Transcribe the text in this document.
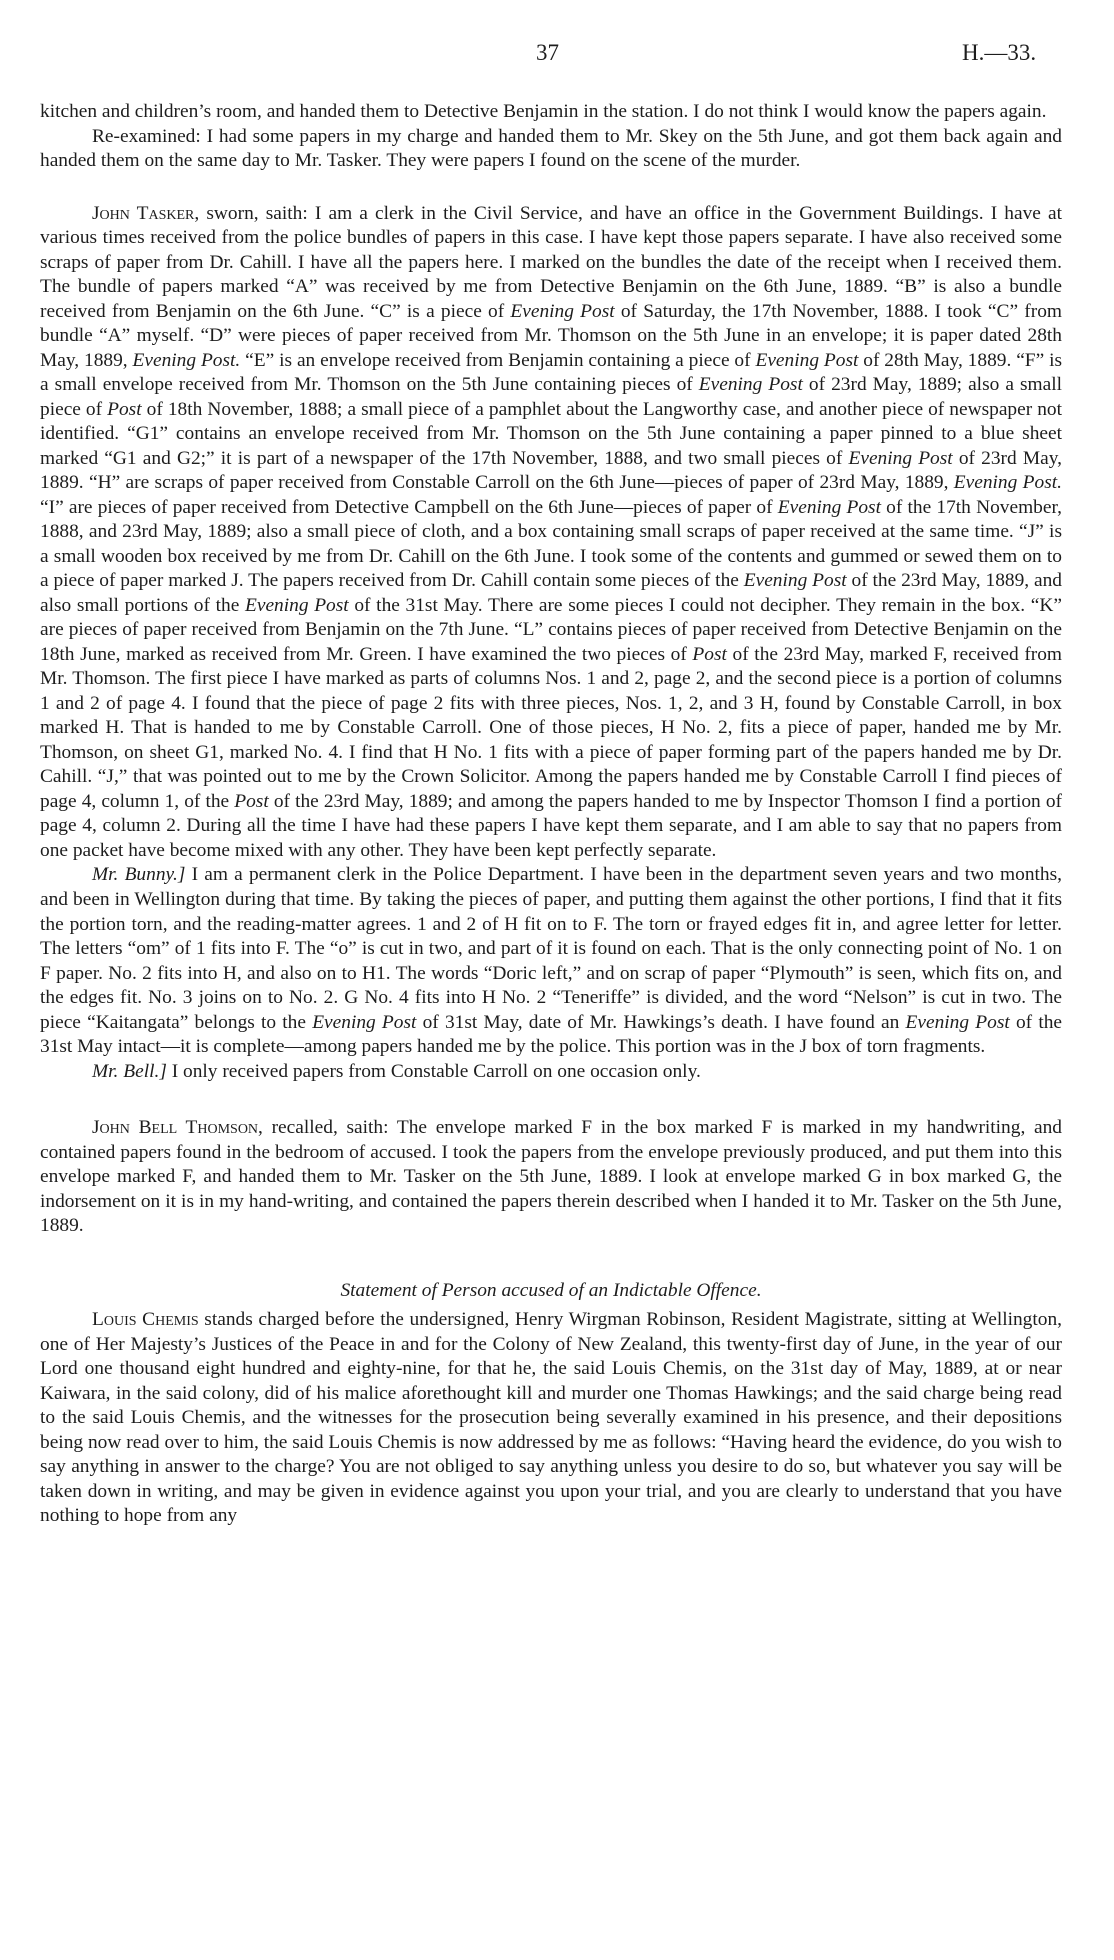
37	H.—33.

kitchen and children’s room, and handed them to Detective Benjamin in the station. I do not think I would know the papers again.

Re-examined: I had some papers in my charge and handed them to Mr. Skey on the 5th June, and got them back again and handed them on the same day to Mr. Tasker. They were papers I found on the scene of the murder.

John Tasker, sworn, saith: I am a clerk in the Civil Service, and have an office in the Government Buildings. I have at various times received from the police bundles of papers in this case. I have kept those papers separate. I have also received some scraps of paper from Dr. Cahill. I have all the papers here. I marked on the bundles the date of the receipt when I received them. The bundle of papers marked “A” was received by me from Detective Benjamin on the 6th June, 1889. “B” is also a bundle received from Benjamin on the 6th June. “C” is a piece of Evening Post of Saturday, the 17th November, 1888. I took “C” from bundle “A” myself. “D” were pieces of paper received from Mr. Thomson on the 5th June in an envelope; it is paper dated 28th May, 1889, Evening Post. “E” is an envelope received from Benjamin containing a piece of Evening Post of 28th May, 1889. “F” is a small envelope received from Mr. Thomson on the 5th June containing pieces of Evening Post of 23rd May, 1889; also a small piece of Post of 18th November, 1888; a small piece of a pamphlet about the Langworthy case, and another piece of newspaper not identified. “G1” contains an envelope received from Mr. Thomson on the 5th June containing a paper pinned to a blue sheet marked “G1 and G2;” it is part of a newspaper of the 17th November, 1888, and two small pieces of Evening Post of 23rd May, 1889. “H” are scraps of paper received from Constable Carroll on the 6th June—pieces of paper of 23rd May, 1889, Evening Post. “I” are pieces of paper received from Detective Campbell on the 6th June—pieces of paper of Evening Post of the 17th November, 1888, and 23rd May, 1889; also a small piece of cloth, and a box containing small scraps of paper received at the same time. “J” is a small wooden box received by me from Dr. Cahill on the 6th June. I took some of the contents and gummed or sewed them on to a piece of paper marked J. The papers received from Dr. Cahill contain some pieces of the Evening Post of the 23rd May, 1889, and also small portions of the Evening Post of the 31st May. There are some pieces I could not decipher. They remain in the box. “K” are pieces of paper received from Benjamin on the 7th June. “L” contains pieces of paper received from Detective Benjamin on the 18th June, marked as received from Mr. Green. I have examined the two pieces of Post of the 23rd May, marked F, received from Mr. Thomson. The first piece I have marked as parts of columns Nos. 1 and 2, page 2, and the second piece is a portion of columns 1 and 2 of page 4. I found that the piece of page 2 fits with three pieces, Nos. 1, 2, and 3 H, found by Constable Carroll, in box marked H. That is handed to me by Constable Carroll. One of those pieces, H No. 2, fits a piece of paper, handed me by Mr. Thomson, on sheet G1, marked No. 4. I find that H No. 1 fits with a piece of paper forming part of the papers handed me by Dr. Cahill. “J,” that was pointed out to me by the Crown Solicitor. Among the papers handed me by Constable Carroll I find pieces of page 4, column 1, of the Post of the 23rd May, 1889; and among the papers handed to me by Inspector Thomson I find a portion of page 4, column 2. During all the time I have had these papers I have kept them separate, and I am able to say that no papers from one packet have become mixed with any other. They have been kept perfectly separate.

Mr. Bunny.] I am a permanent clerk in the Police Department. I have been in the department seven years and two months, and been in Wellington during that time. By taking the pieces of paper, and putting them against the other portions, I find that it fits the portion torn, and the reading-matter agrees. 1 and 2 of H fit on to F. The torn or frayed edges fit in, and agree letter for letter. The letters “om” of 1 fits into F. The “o” is cut in two, and part of it is found on each. That is the only connecting point of No. 1 on F paper. No. 2 fits into H, and also on to H1. The words “Doric left,” and on scrap of paper “Plymouth” is seen, which fits on, and the edges fit. No. 3 joins on to No. 2. G No. 4 fits into H No. 2 “Teneriffe” is divided, and the word “Nelson” is cut in two. The piece “Kaitangata” belongs to the Evening Post of 31st May, date of Mr. Hawkings’s death. I have found an Evening Post of the 31st May intact—it is complete—among papers handed me by the police. This portion was in the J box of torn fragments.

Mr. Bell.] I only received papers from Constable Carroll on one occasion only.

John Bell Thomson, recalled, saith: The envelope marked F in the box marked F is marked in my handwriting, and contained papers found in the bedroom of accused. I took the papers from the envelope previously produced, and put them into this envelope marked F, and handed them to Mr. Tasker on the 5th June, 1889. I look at envelope marked G in box marked G, the indorsement on it is in my hand-writing, and contained the papers therein described when I handed it to Mr. Tasker on the 5th June, 1889.

Statement of Person accused of an Indictable Offence.

Louis Chemis stands charged before the undersigned, Henry Wirgman Robinson, Resident Magistrate, sitting at Wellington, one of Her Majesty’s Justices of the Peace in and for the Colony of New Zealand, this twenty-first day of June, in the year of our Lord one thousand eight hundred and eighty-nine, for that he, the said Louis Chemis, on the 31st day of May, 1889, at or near Kaiwara, in the said colony, did of his malice aforethought kill and murder one Thomas Hawkings; and the said charge being read to the said Louis Chemis, and the witnesses for the prosecution being severally examined in his presence, and their depositions being now read over to him, the said Louis Chemis is now addressed by me as follows: “Having heard the evidence, do you wish to say anything in answer to the charge? You are not obliged to say anything unless you desire to do so, but whatever you say will be taken down in writing, and may be given in evidence against you upon your trial, and you are clearly to understand that you have nothing to hope from any
